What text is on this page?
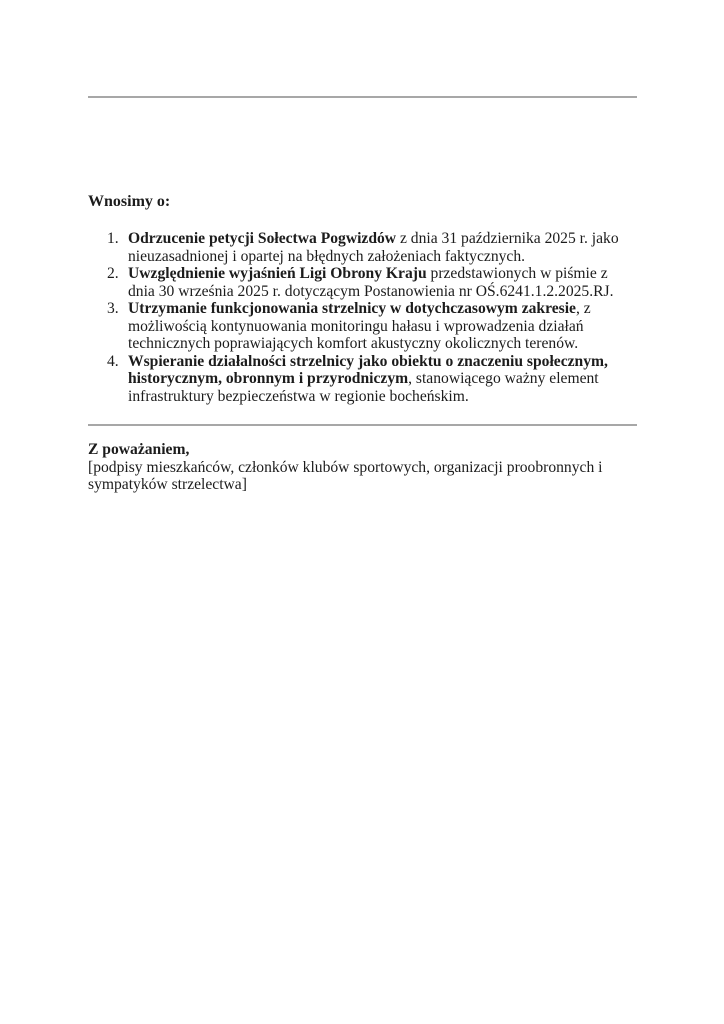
Wnosimy o:
1. Odrzucenie petycji Sołectwa Pogwizdów z dnia 31 października 2025 r. jako nieuzasadnionej i opartej na błędnych założeniach faktycznych.
2. Uwzględnienie wyjaśnień Ligi Obrony Kraju przedstawionych w piśmie z dnia 30 września 2025 r. dotyczącym Postanowienia nr OŚ.6241.1.2.2025.RJ.
3. Utrzymanie funkcjonowania strzelnicy w dotychczasowym zakresie, z możliwością kontynuowania monitoringu hałasu i wprowadzenia działań technicznych poprawiających komfort akustyczny okolicznych terenów.
4. Wspieranie działalności strzelnicy jako obiektu o znaczeniu społecznym, historycznym, obronnym i przyrodniczym, stanowiącego ważny element infrastruktury bezpieczeństwa w regionie bocheńskim.
Z poważaniem,
[podpisy mieszkańców, członków klubów sportowych, organizacji proobronnych i sympatyków strzelectwa]
